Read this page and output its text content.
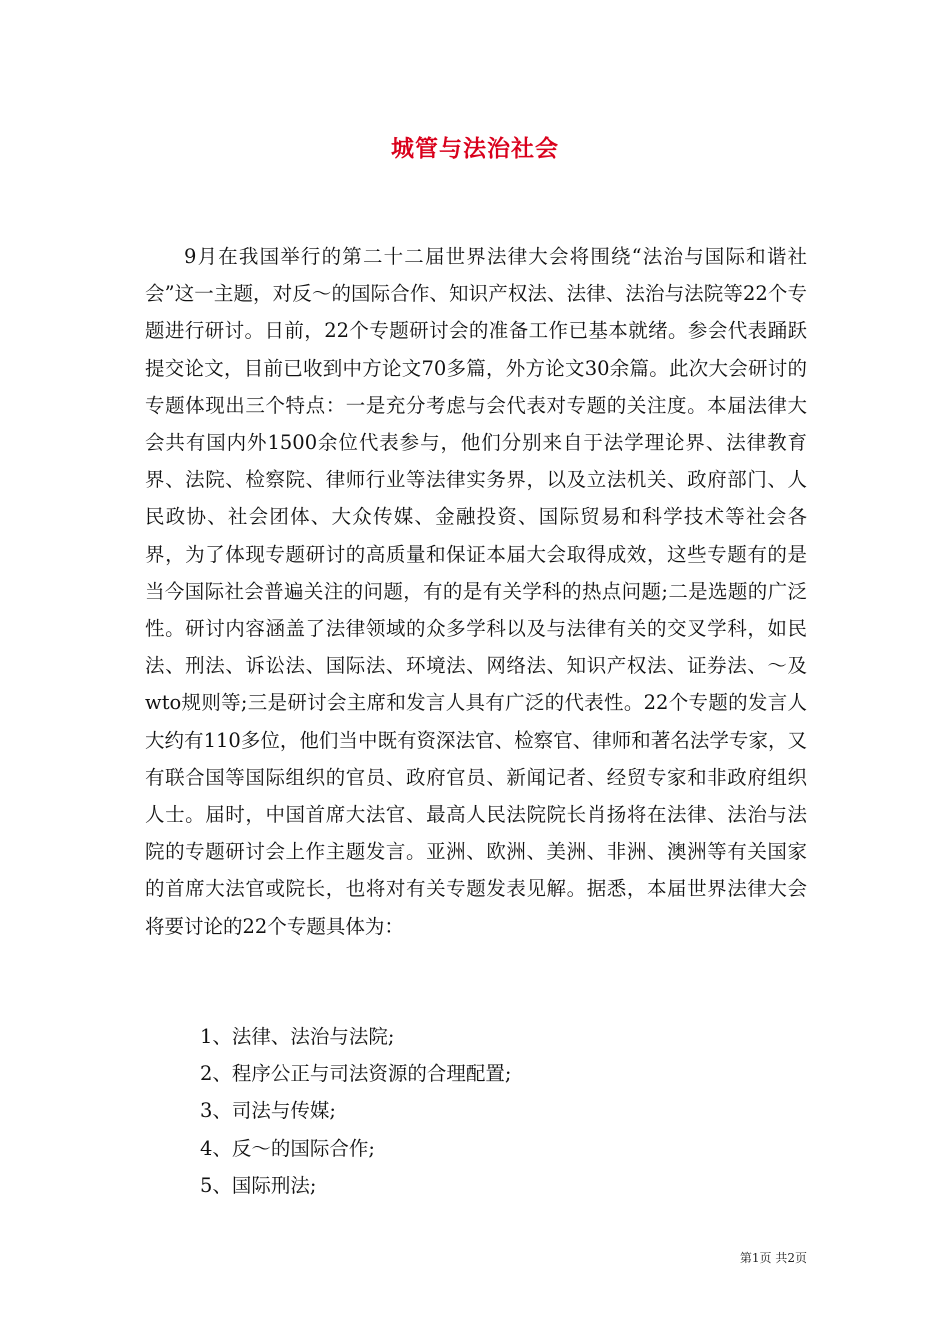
城管与法治社会

9月在我国举行的第二十二届世界法律大会将围绕“法治与国际和谐社会”这一主题，对反～的国际合作、知识产权法、法律、法治与法院等22个专题进行研讨。日前，22个专题研讨会的准备工作已基本就绪。参会代表踊跃提交论文，目前已收到中方论文70多篇，外方论文30余篇。此次大会研讨的专题体现出三个特点：一是充分考虑与会代表对专题的关注度。本届法律大会共有国内外1500余位代表参与，他们分别来自于法学理论界、法律教育界、法院、检察院、律师行业等法律实务界，以及立法机关、政府部门、人民政协、社会团体、大众传媒、金融投资、国际贸易和科学技术等社会各界，为了体现专题研讨的高质量和保证本届大会取得成效，这些专题有的是当今国际社会普遍关注的问题，有的是有关学科的热点问题;二是选题的广泛性。研讨内容涵盖了法律领域的众多学科以及与法律有关的交叉学科，如民法、刑法、诉讼法、国际法、环境法、网络法、知识产权法、证券法、～及wto规则等;三是研讨会主席和发言人具有广泛的代表性。22个专题的发言人大约有110多位，他们当中既有资深法官、检察官、律师和著名法学专家，又有联合国等国际组织的官员、政府官员、新闻记者、经贸专家和非政府组织人士。届时，中国首席大法官、最高人民法院院长肖扬将在法律、法治与法院的专题研讨会上作主题发言。亚洲、欧洲、美洲、非洲、澳洲等有关国家的首席大法官或院长，也将对有关专题发表见解。据悉，本届世界法律大会将要讨论的22个专题具体为：

1、法律、法治与法院;
2、程序公正与司法资源的合理配置;
3、司法与传媒;
4、反～的国际合作;
5、国际刑法;
第1页 共2页
